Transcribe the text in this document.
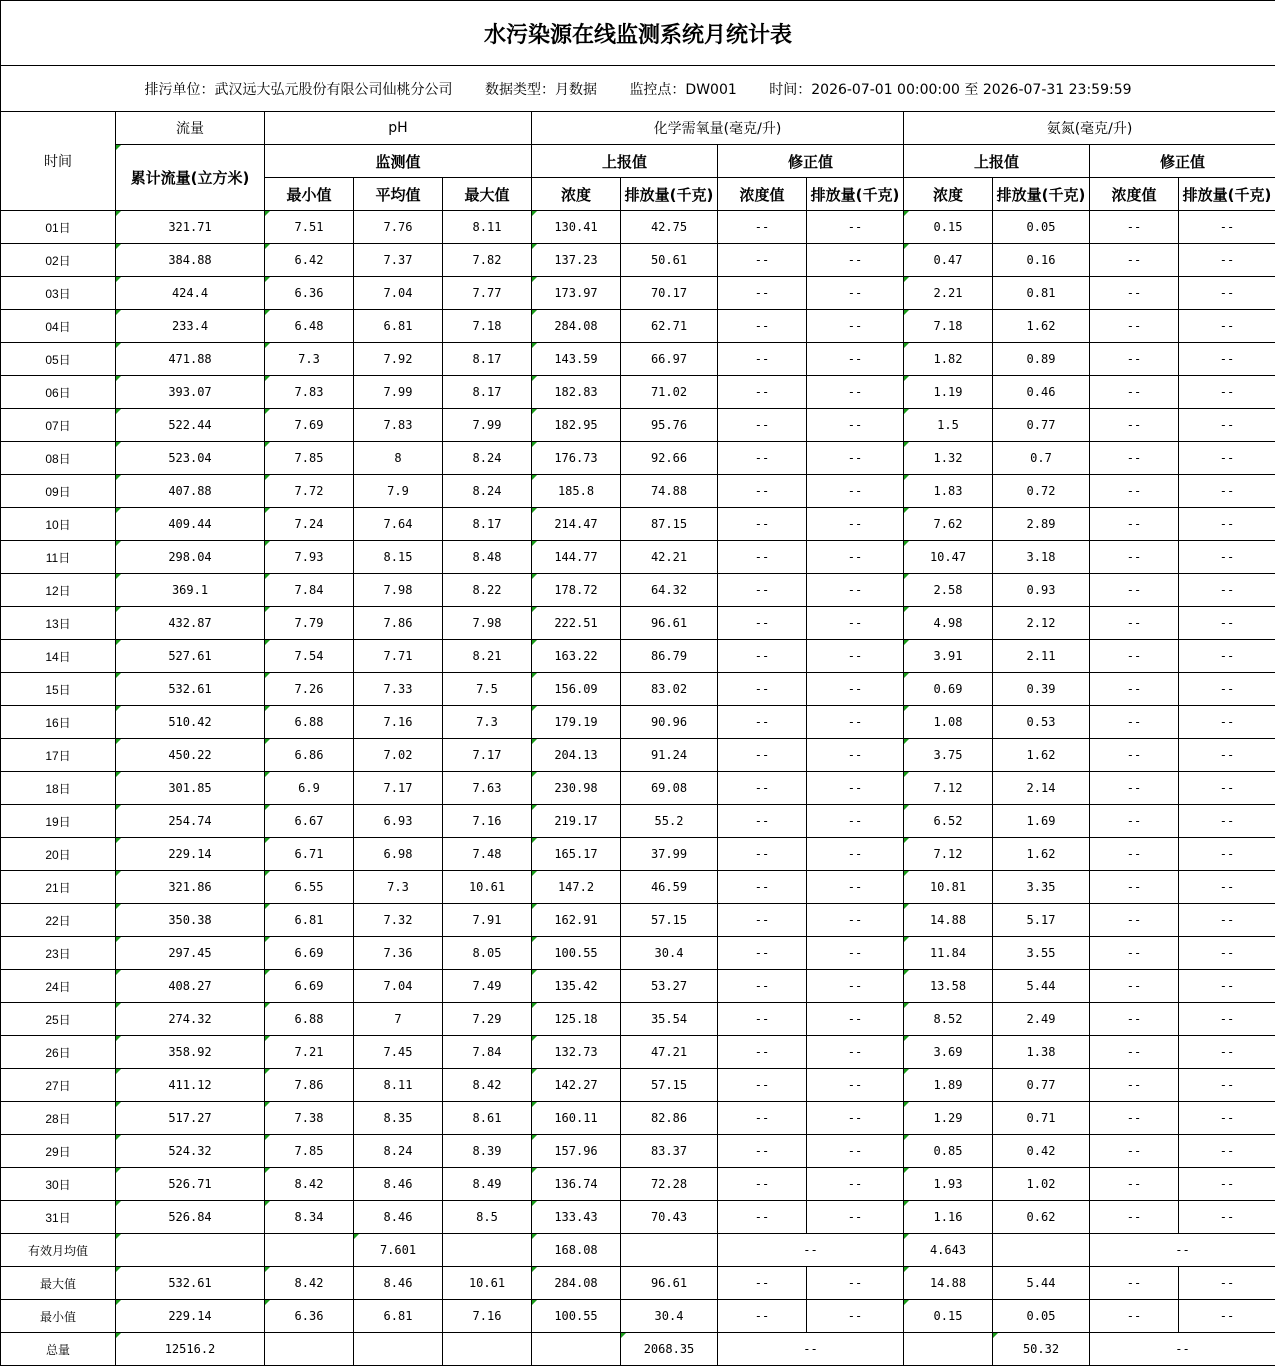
水污染源在线监测系统月统计表												
排污单位：武汉远大弘元股份有限公司仙桃分公司 数据类型：月数据 监控点：DW001 时间：2026-07-01 00:00:00 至 2026-07-31 23:59:59												
时间	流量	pH			化学需氧量(毫克/升)				氨氮(毫克/升)			
	累计流量(立方米)	监测值			上报值		修正值		上报值		修正值	
		最小值	平均值	最大值	浓度	排放量(千克)	浓度值	排放量(千克)	浓度	排放量(千克)	浓度值	排放量(千克)
01日	321.71	7.51	7.76	8.11	130.41	42.75	--	--	0.15	0.05	--	--
02日	384.88	6.42	7.37	7.82	137.23	50.61	--	--	0.47	0.16	--	--
03日	424.4	6.36	7.04	7.77	173.97	70.17	--	--	2.21	0.81	--	--
04日	233.4	6.48	6.81	7.18	284.08	62.71	--	--	7.18	1.62	--	--
05日	471.88	7.3	7.92	8.17	143.59	66.97	--	--	1.82	0.89	--	--
06日	393.07	7.83	7.99	8.17	182.83	71.02	--	--	1.19	0.46	--	--
07日	522.44	7.69	7.83	7.99	182.95	95.76	--	--	1.5	0.77	--	--
08日	523.04	7.85	8	8.24	176.73	92.66	--	--	1.32	0.7	--	--
09日	407.88	7.72	7.9	8.24	185.8	74.88	--	--	1.83	0.72	--	--
10日	409.44	7.24	7.64	8.17	214.47	87.15	--	--	7.62	2.89	--	--
11日	298.04	7.93	8.15	8.48	144.77	42.21	--	--	10.47	3.18	--	--
12日	369.1	7.84	7.98	8.22	178.72	64.32	--	--	2.58	0.93	--	--
13日	432.87	7.79	7.86	7.98	222.51	96.61	--	--	4.98	2.12	--	--
14日	527.61	7.54	7.71	8.21	163.22	86.79	--	--	3.91	2.11	--	--
15日	532.61	7.26	7.33	7.5	156.09	83.02	--	--	0.69	0.39	--	--
16日	510.42	6.88	7.16	7.3	179.19	90.96	--	--	1.08	0.53	--	--
17日	450.22	6.86	7.02	7.17	204.13	91.24	--	--	3.75	1.62	--	--
18日	301.85	6.9	7.17	7.63	230.98	69.08	--	--	7.12	2.14	--	--
19日	254.74	6.67	6.93	7.16	219.17	55.2	--	--	6.52	1.69	--	--
20日	229.14	6.71	6.98	7.48	165.17	37.99	--	--	7.12	1.62	--	--
21日	321.86	6.55	7.3	10.61	147.2	46.59	--	--	10.81	3.35	--	--
22日	350.38	6.81	7.32	7.91	162.91	57.15	--	--	14.88	5.17	--	--
23日	297.45	6.69	7.36	8.05	100.55	30.4	--	--	11.84	3.55	--	--
24日	408.27	6.69	7.04	7.49	135.42	53.27	--	--	13.58	5.44	--	--
25日	274.32	6.88	7	7.29	125.18	35.54	--	--	8.52	2.49	--	--
26日	358.92	7.21	7.45	7.84	132.73	47.21	--	--	3.69	1.38	--	--
27日	411.12	7.86	8.11	8.42	142.27	57.15	--	--	1.89	0.77	--	--
28日	517.27	7.38	8.35	8.61	160.11	82.86	--	--	1.29	0.71	--	--
29日	524.32	7.85	8.24	8.39	157.96	83.37	--	--	0.85	0.42	--	--
30日	526.71	8.42	8.46	8.49	136.74	72.28	--	--	1.93	1.02	--	--
31日	526.84	8.34	8.46	8.5	133.43	70.43	--	--	1.16	0.62	--	--
有效月均值			7.601		168.08		--		4.643		--	
最大值	532.61	8.42	8.46	10.61	284.08	96.61	--	--	14.88	5.44	--	--
最小值	229.14	6.36	6.81	7.16	100.55	30.4	--	--	0.15	0.05	--	--
总量	12516.2					2068.35	--			50.32	--	
